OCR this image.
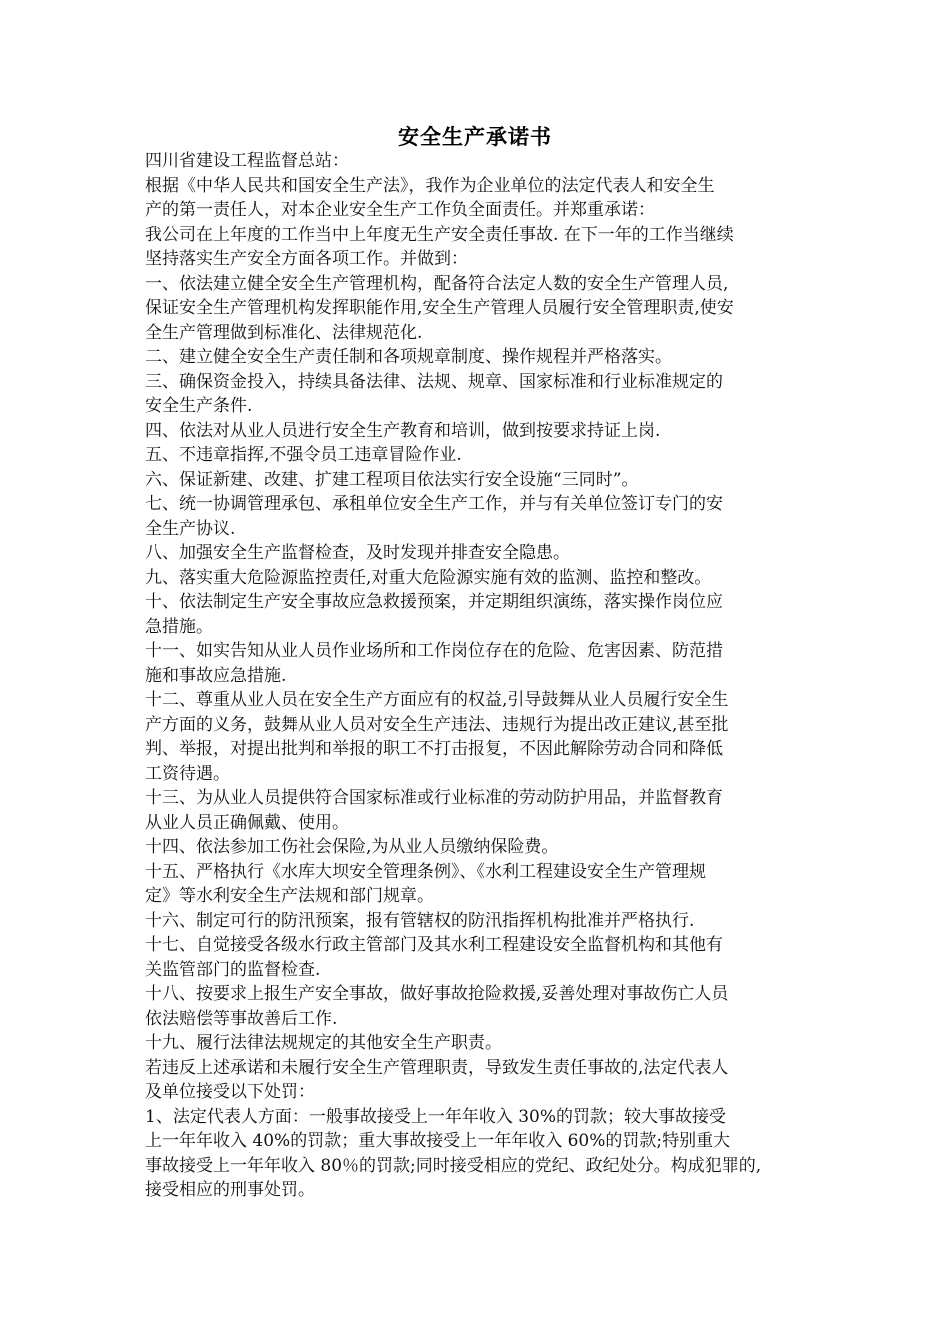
安全生产承诺书
四川省建设工程监督总站：
根据《中华人民共和国安全生产法》，我作为企业单位的法定代表人和安全生
产的第一责任人，对本企业安全生产工作负全面责任。并郑重承诺：
我公司在上年度的工作当中上年度无生产安全责任事故. 在下一年的工作当继续
坚持落实生产安全方面各项工作。并做到：
一、依法建立健全安全生产管理机构，配备符合法定人数的安全生产管理人员,
保证安全生产管理机构发挥职能作用,安全生产管理人员履行安全管理职责,使安
全生产管理做到标准化、法律规范化.
二、建立健全安全生产责任制和各项规章制度、操作规程并严格落实。
三、确保资金投入，持续具备法律、法规、规章、国家标准和行业标准规定的
安全生产条件.
四、依法对从业人员进行安全生产教育和培训，做到按要求持证上岗.
五、不违章指挥,不强令员工违章冒险作业.
六、保证新建、改建、扩建工程项目依法实行安全设施“三同时”。
七、统一协调管理承包、承租单位安全生产工作，并与有关单位签订专门的安
全生产协议.
八、加强安全生产监督检查，及时发现并排查安全隐患。
九、落实重大危险源监控责任,对重大危险源实施有效的监测、监控和整改。
十、依法制定生产安全事故应急救援预案，并定期组织演练，落实操作岗位应
急措施。
十一、如实告知从业人员作业场所和工作岗位存在的危险、危害因素、防范措
施和事故应急措施.
十二、尊重从业人员在安全生产方面应有的权益,引导鼓舞从业人员履行安全生
产方面的义务，鼓舞从业人员对安全生产违法、违规行为提出改正建议,甚至批
判、举报，对提出批判和举报的职工不打击报复，不因此解除劳动合同和降低
工资待遇。
十三、为从业人员提供符合国家标准或行业标准的劳动防护用品，并监督教育
从业人员正确佩戴、使用。
十四、依法参加工伤社会保险,为从业人员缴纳保险费。
十五、严格执行《水库大坝安全管理条例》、《水利工程建设安全生产管理规
定》等水利安全生产法规和部门规章。
十六、制定可行的防汛预案，报有管辖权的防汛指挥机构批准并严格执行.
十七、自觉接受各级水行政主管部门及其水利工程建设安全监督机构和其他有
关监管部门的监督检查.
十八、按要求上报生产安全事故，做好事故抢险救援,妥善处理对事故伤亡人员
依法赔偿等事故善后工作.
十九、履行法律法规规定的其他安全生产职责。
若违反上述承诺和未履行安全生产管理职责，导致发生责任事故的,法定代表人
及单位接受以下处罚：
1、法定代表人方面：一般事故接受上一年年收入 30%的罚款；较大事故接受
上一年年收入 40%的罚款；重大事故接受上一年年收入 60%的罚款;特别重大
事故接受上一年年收入 80％的罚款;同时接受相应的党纪、政纪处分。构成犯罪的,
接受相应的刑事处罚。
